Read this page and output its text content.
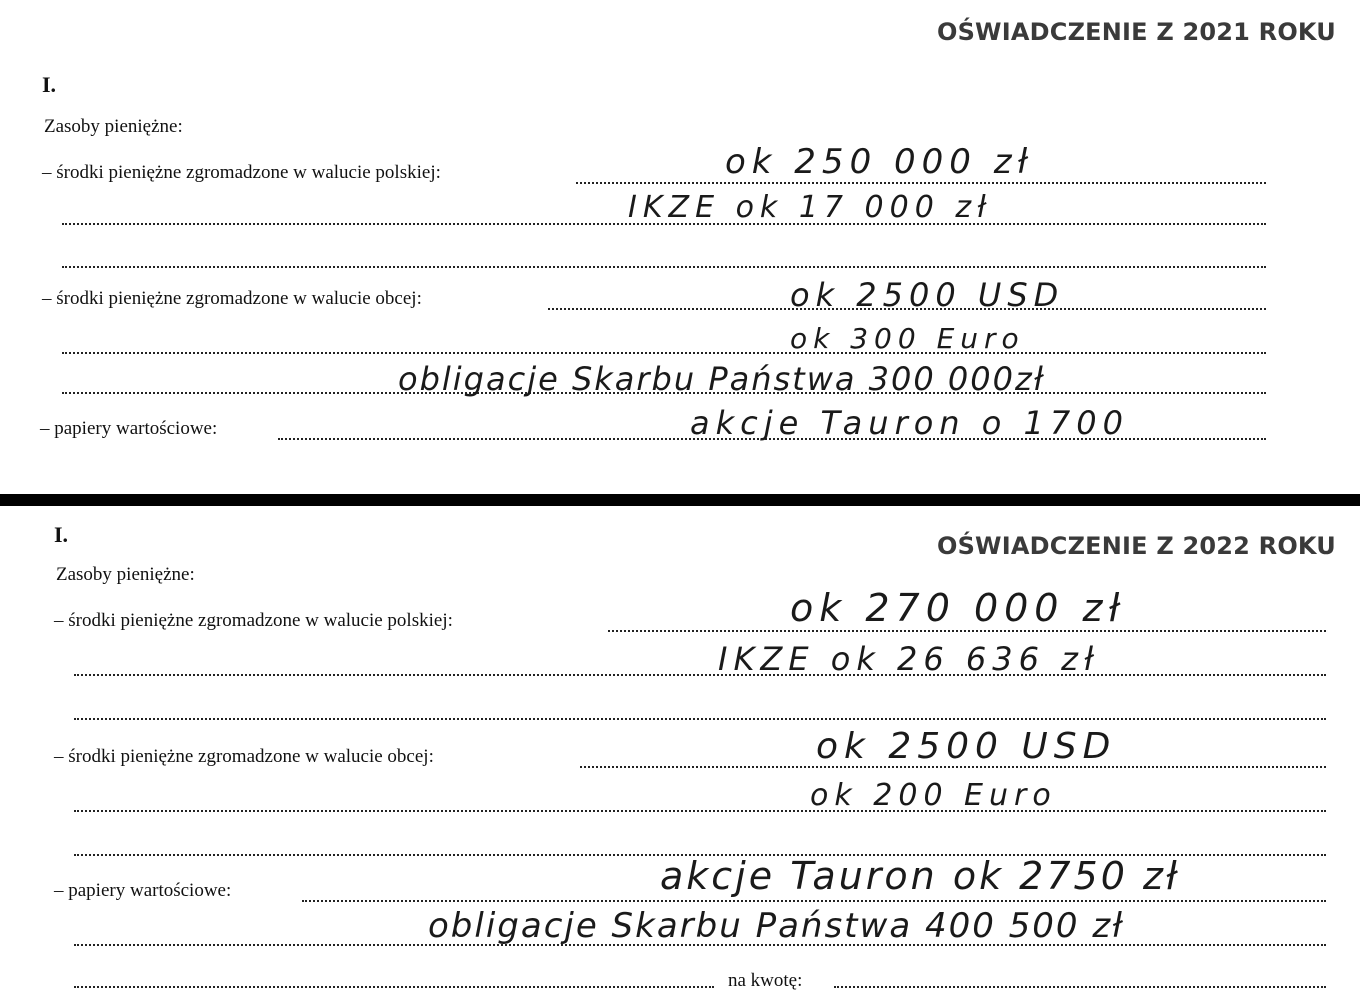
OŚWIADCZENIE Z 2021 ROKU
I.
Zasoby pieniężne:
– środki pieniężne zgromadzone w walucie polskiej:	ok 250 000 zł
IKZE ok 17 000 zł
– środki pieniężne zgromadzone w walucie obcej:	ok 2500 USD
ok 300 Euro
obligacje Skarbu Państwa 300 000zł
– papiery wartościowe:	akcje Tauron o 1700
I.	OŚWIADCZENIE Z 2022 ROKU
Zasoby pieniężne:
– środki pieniężne zgromadzone w walucie polskiej:	ok 270 000 zł
IKZE ok 26 636 zł
– środki pieniężne zgromadzone w walucie obcej:	ok 2500 USD
ok 200 Euro
– papiery wartościowe:	akcje Tauron ok 2750 zł
obligacje Skarbu Państwa 400 500 zł
na kwotę:
